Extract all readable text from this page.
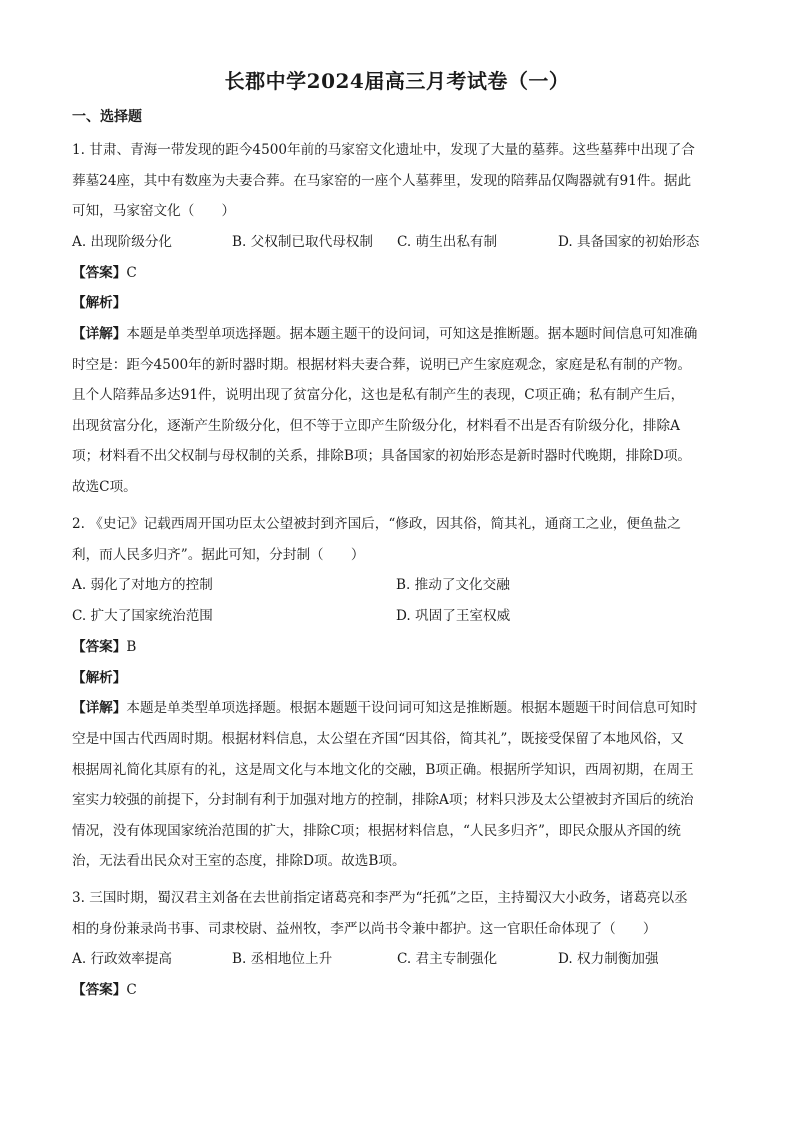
长郡中学2024届高三月考试卷（一）
一、选择题

1. 甘肃、青海一带发现的距今4500年前的马家窑文化遗址中，发现了大量的墓葬。这些墓葬中出现了合

葬墓24座，其中有数座为夫妻合葬。在马家窑的一座个人墓葬里，发现的陪葬品仅陶器就有91件。据此

可知，马家窑文化（　　）

A. 出现阶级分化	B. 父权制已取代母权制 C. 萌生出私有制	D. 具备国家的初始形态

【答案】C

【解析】

【详解】本题是单类型单项选择题。据本题主题干的设问词，可知这是推断题。据本题时间信息可知准确

时空是：距今4500年的新时器时期。根据材料夫妻合葬，说明已产生家庭观念，家庭是私有制的产物。

且个人陪葬品多达91件，说明出现了贫富分化，这也是私有制产生的表现，C项正确；私有制产生后，

出现贫富分化，逐渐产生阶级分化，但不等于立即产生阶级分化，材料看不出是否有阶级分化，排除A

项；材料看不出父权制与母权制的关系，排除B项；具备国家的初始形态是新时器时代晚期，排除D项。

故选C项。

2. 《史记》记载西周开国功臣太公望被封到齐国后，“修政，因其俗，简其礼，通商工之业，便鱼盐之

利，而人民多归齐”。据此可知，分封制（　　）

A. 弱化了对地方的控制	B. 推动了文化交融
C. 扩大了国家统治范围	D. 巩固了王室权威

【答案】B

【解析】

【详解】本题是单类型单项选择题。根据本题题干设问词可知这是推断题。根据本题题干时间信息可知时

空是中国古代西周时期。根据材料信息，太公望在齐国“因其俗，简其礼”，既接受保留了本地风俗，又

根据周礼简化其原有的礼，这是周文化与本地文化的交融，B项正确。根据所学知识，西周初期，在周王

室实力较强的前提下，分封制有利于加强对地方的控制，排除A项；材料只涉及太公望被封齐国后的统治

情况，没有体现国家统治范围的扩大，排除C项；根据材料信息，“人民多归齐”，即民众服从齐国的统

治，无法看出民众对王室的态度，排除D项。故选B项。

3. 三国时期，蜀汉君主刘备在去世前指定诸葛亮和李严为“托孤”之臣，主持蜀汉大小政务，诸葛亮以丞

相的身份兼录尚书事、司隶校尉、益州牧，李严以尚书令兼中都护。这一官职任命体现了（　　）

A. 行政效率提高	B. 丞相地位上升	C. 君主专制强化	D. 权力制衡加强

【答案】C
